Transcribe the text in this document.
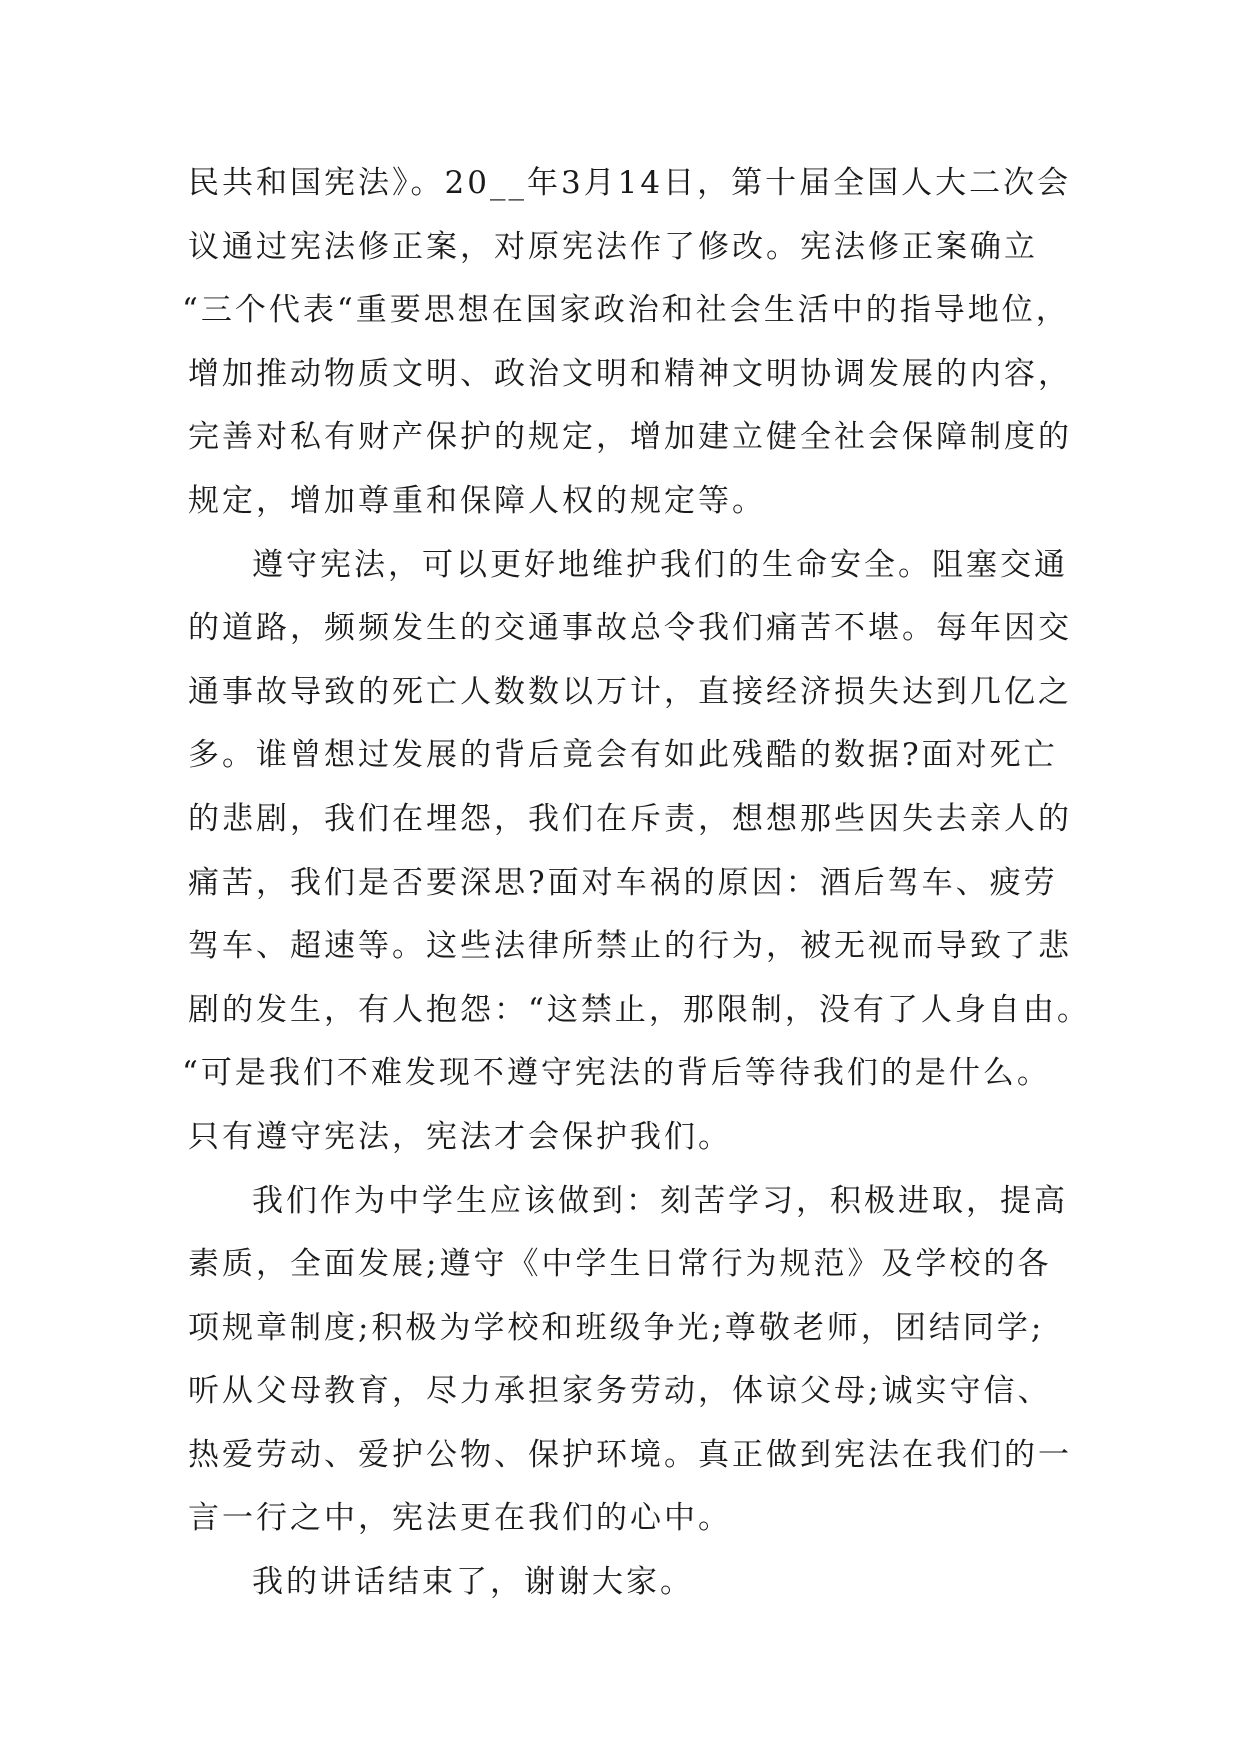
民共和国宪法》。20__年3月14日，第十届全国人大二次会
议通过宪法修正案，对原宪法作了修改。宪法修正案确立
“三个代表“重要思想在国家政治和社会生活中的指导地位，
增加推动物质文明、政治文明和精神文明协调发展的内容，
完善对私有财产保护的规定，增加建立健全社会保障制度的
规定，增加尊重和保障人权的规定等。
遵守宪法，可以更好地维护我们的生命安全。阻塞交通
的道路，频频发生的交通事故总令我们痛苦不堪。每年因交
通事故导致的死亡人数数以万计，直接经济损失达到几亿之
多。谁曾想过发展的背后竟会有如此残酷的数据?面对死亡
的悲剧，我们在埋怨，我们在斥责，想想那些因失去亲人的
痛苦，我们是否要深思?面对车祸的原因：酒后驾车、疲劳
驾车、超速等。这些法律所禁止的行为，被无视而导致了悲
剧的发生，有人抱怨：“这禁止，那限制，没有了人身自由。
“可是我们不难发现不遵守宪法的背后等待我们的是什么。
只有遵守宪法，宪法才会保护我们。
我们作为中学生应该做到：刻苦学习，积极进取，提高
素质，全面发展;遵守《中学生日常行为规范》及学校的各
项规章制度;积极为学校和班级争光;尊敬老师，团结同学;
听从父母教育，尽力承担家务劳动，体谅父母;诚实守信、
热爱劳动、爱护公物、保护环境。真正做到宪法在我们的一
言一行之中，宪法更在我们的心中。
我的讲话结束了，谢谢大家。
